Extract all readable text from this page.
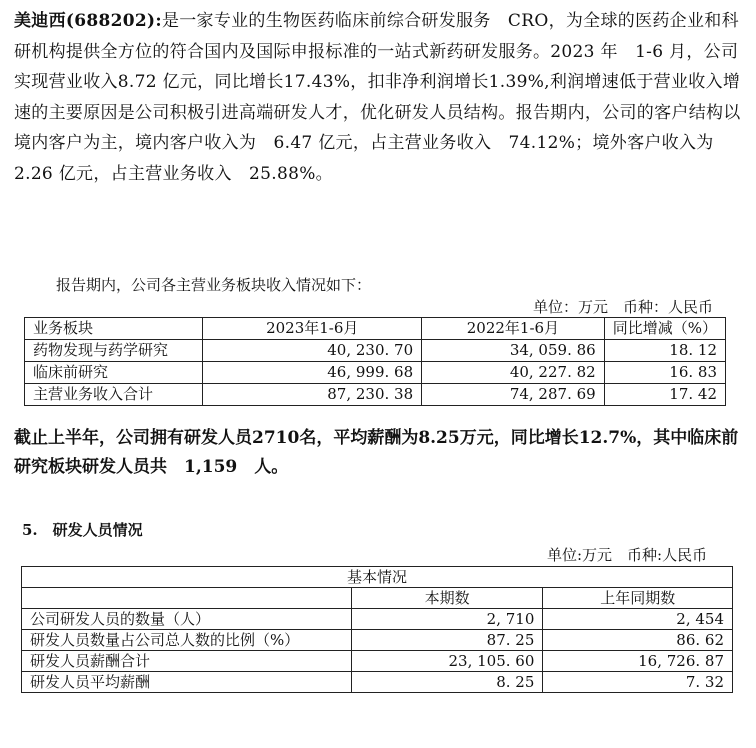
美迪西(688202):是一家专业的生物医药临床前综合研发服务　CRO，为全球的医药企业和科研机构提供全方位的符合国内及国际申报标准的一站式新药研发服务。2023 年　1-6 月，公司实现营业收入8.72 亿元，同比增长17.43%，扣非净利润增长1.39%,利润增速低于营业收入增速的主要原因是公司积极引进高端研发人才，优化研发人员结构。报告期内，公司的客户结构以境内客户为主，境内客户收入为　6.47 亿元，占主营业务收入　74.12%；境外客户收入为　2.26 亿元，占主营业务收入　25.88%。
报告期内，公司各主营业务板块收入情况如下：
单位：万元　币种：人民币
业务板块	2023年1-6月	2022年1-6月	同比增减（%）
药物发现与药学研究	40, 230. 70	34, 059. 86	18. 12
临床前研究	46, 999. 68	40, 227. 82	16. 83
主营业务收入合计	87, 230. 38	74, 287. 69	17. 42
截止上半年，公司拥有研发人员2710名，平均薪酬为8.25万元，同比增长12.7%，其中临床前研究板块研发人员共　1,159　人。
5.　研发人员情况
单位:万元　币种:人民币
基本情况		
	本期数	上年同期数
公司研发人员的数量（人）	2, 710	2, 454
研发人员数量占公司总人数的比例（%）	87. 25	86. 62
研发人员薪酬合计	23, 105. 60	16, 726. 87
研发人员平均薪酬	8. 25	7. 32
